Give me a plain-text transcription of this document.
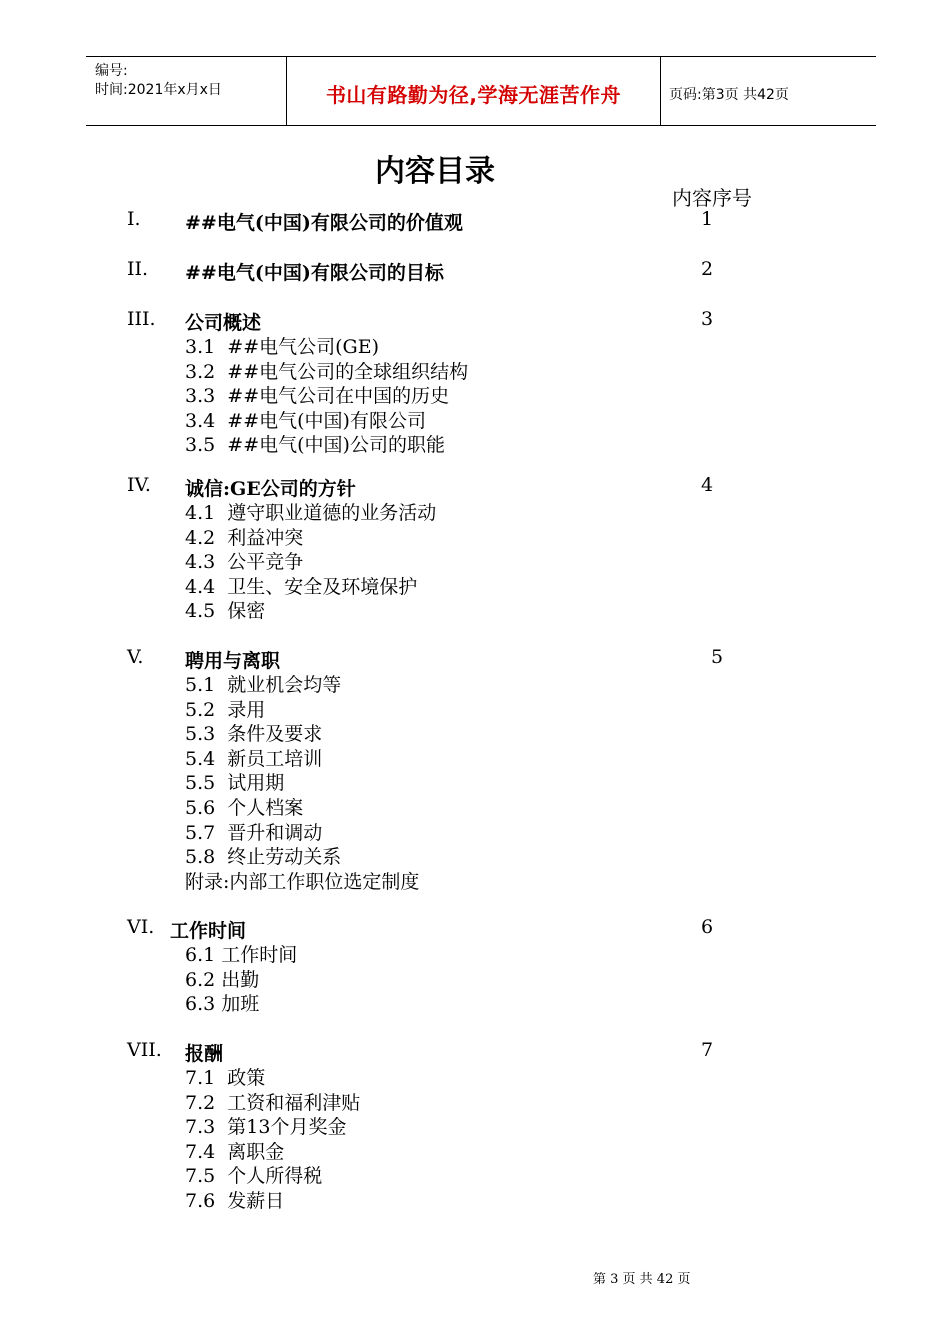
编号:
时间:2021年x月x日	书山有路勤为径,学海无涯苦作舟	页码:第3页 共42页
内容目录
内容序号
I. ##电气(中国)有限公司的价值观	1
II. ##电气(中国)有限公司的目标	2
III. 公司概述	3
3.1  ##电气公司(GE)
3.2  ##电气公司的全球组织结构
3.3  ##电气公司在中国的历史
3.4  ##电气(中国)有限公司
3.5  ##电气(中国)公司的职能
IV. 诚信:GE公司的方针	4
4.1  遵守职业道德的业务活动
4.2  利益冲突
4.3  公平竞争
4.4  卫生、安全及环境保护
4.5  保密
V. 聘用与离职	5
5.1  就业机会均等
5.2  录用
5.3  条件及要求
5.4  新员工培训
5.5  试用期
5.6  个人档案
5.7  晋升和调动
5.8  终止劳动关系
附录:内部工作职位选定制度
VI. 工作时间	6
6.1 工作时间
6.2 出勤
6.3 加班
VII. 报酬	7
7.1  政策
7.2  工资和福利津贴
7.3  第13个月奖金
7.4  离职金
7.5  个人所得税
7.6  发薪日
第 3 页 共 42 页
